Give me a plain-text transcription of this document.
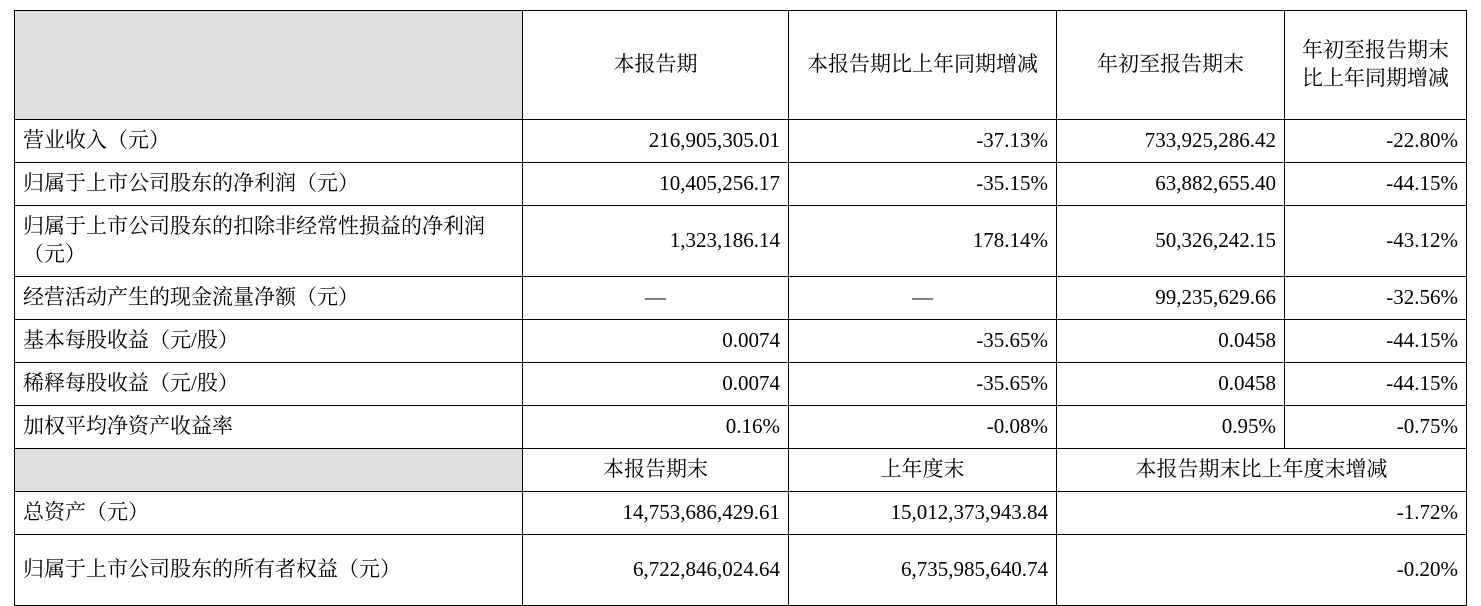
	本报告期	本报告期比上年同期增减	年初至报告期末	年初至报告期末比上年同期增减
营业收入（元）	216,905,305.01	-37.13%	733,925,286.42	-22.80%
归属于上市公司股东的净利润（元）	10,405,256.17	-35.15%	63,882,655.40	-44.15%
归属于上市公司股东的扣除非经常性损益的净利润（元）	1,323,186.14	178.14%	50,326,242.15	-43.12%
经营活动产生的现金流量净额（元）	—	—	99,235,629.66	-32.56%
基本每股收益（元/股）	0.0074	-35.65%	0.0458	-44.15%
稀释每股收益（元/股）	0.0074	-35.65%	0.0458	-44.15%
加权平均净资产收益率	0.16%	-0.08%	0.95%	-0.75%
	本报告期末	上年度末	本报告期末比上年度末增减	
总资产（元）	14,753,686,429.61	15,012,373,943.84	-1.72%	
归属于上市公司股东的所有者权益（元）	6,722,846,024.64	6,735,985,640.74	-0.20%	
